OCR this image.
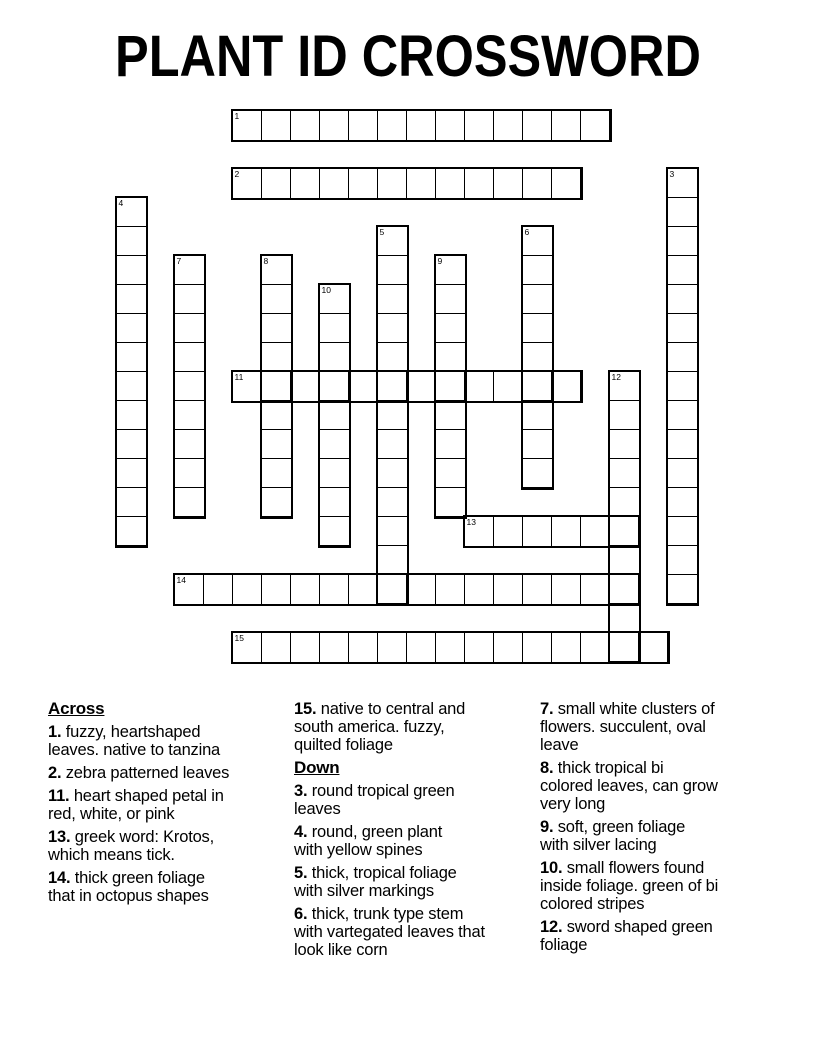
PLANT ID CROSSWORD
1
2	3
4
5	6
7	8	9
10
11	12
13
14
15
Across

1. fuzzy, heartshaped
leaves. native to tanzina

2. zebra patterned leaves

11. heart shaped petal in
red, white, or pink

13. greek word: Krotos,
which means tick.

14. thick green foliage
that in octopus shapes

15. native to central and
south america. fuzzy,
quilted foliage

Down

3. round tropical green
leaves

4. round, green plant
with yellow spines

5. thick, tropical foliage
with silver markings

6. thick, trunk type stem
with vartegated leaves that
look like corn

7. small white clusters of
flowers. succulent, oval
leave

8. thick tropical bi
colored leaves, can grow
very long

9. soft, green foliage
with silver lacing

10. small flowers found
inside foliage. green of bi
colored stripes

12. sword shaped green
foliage
